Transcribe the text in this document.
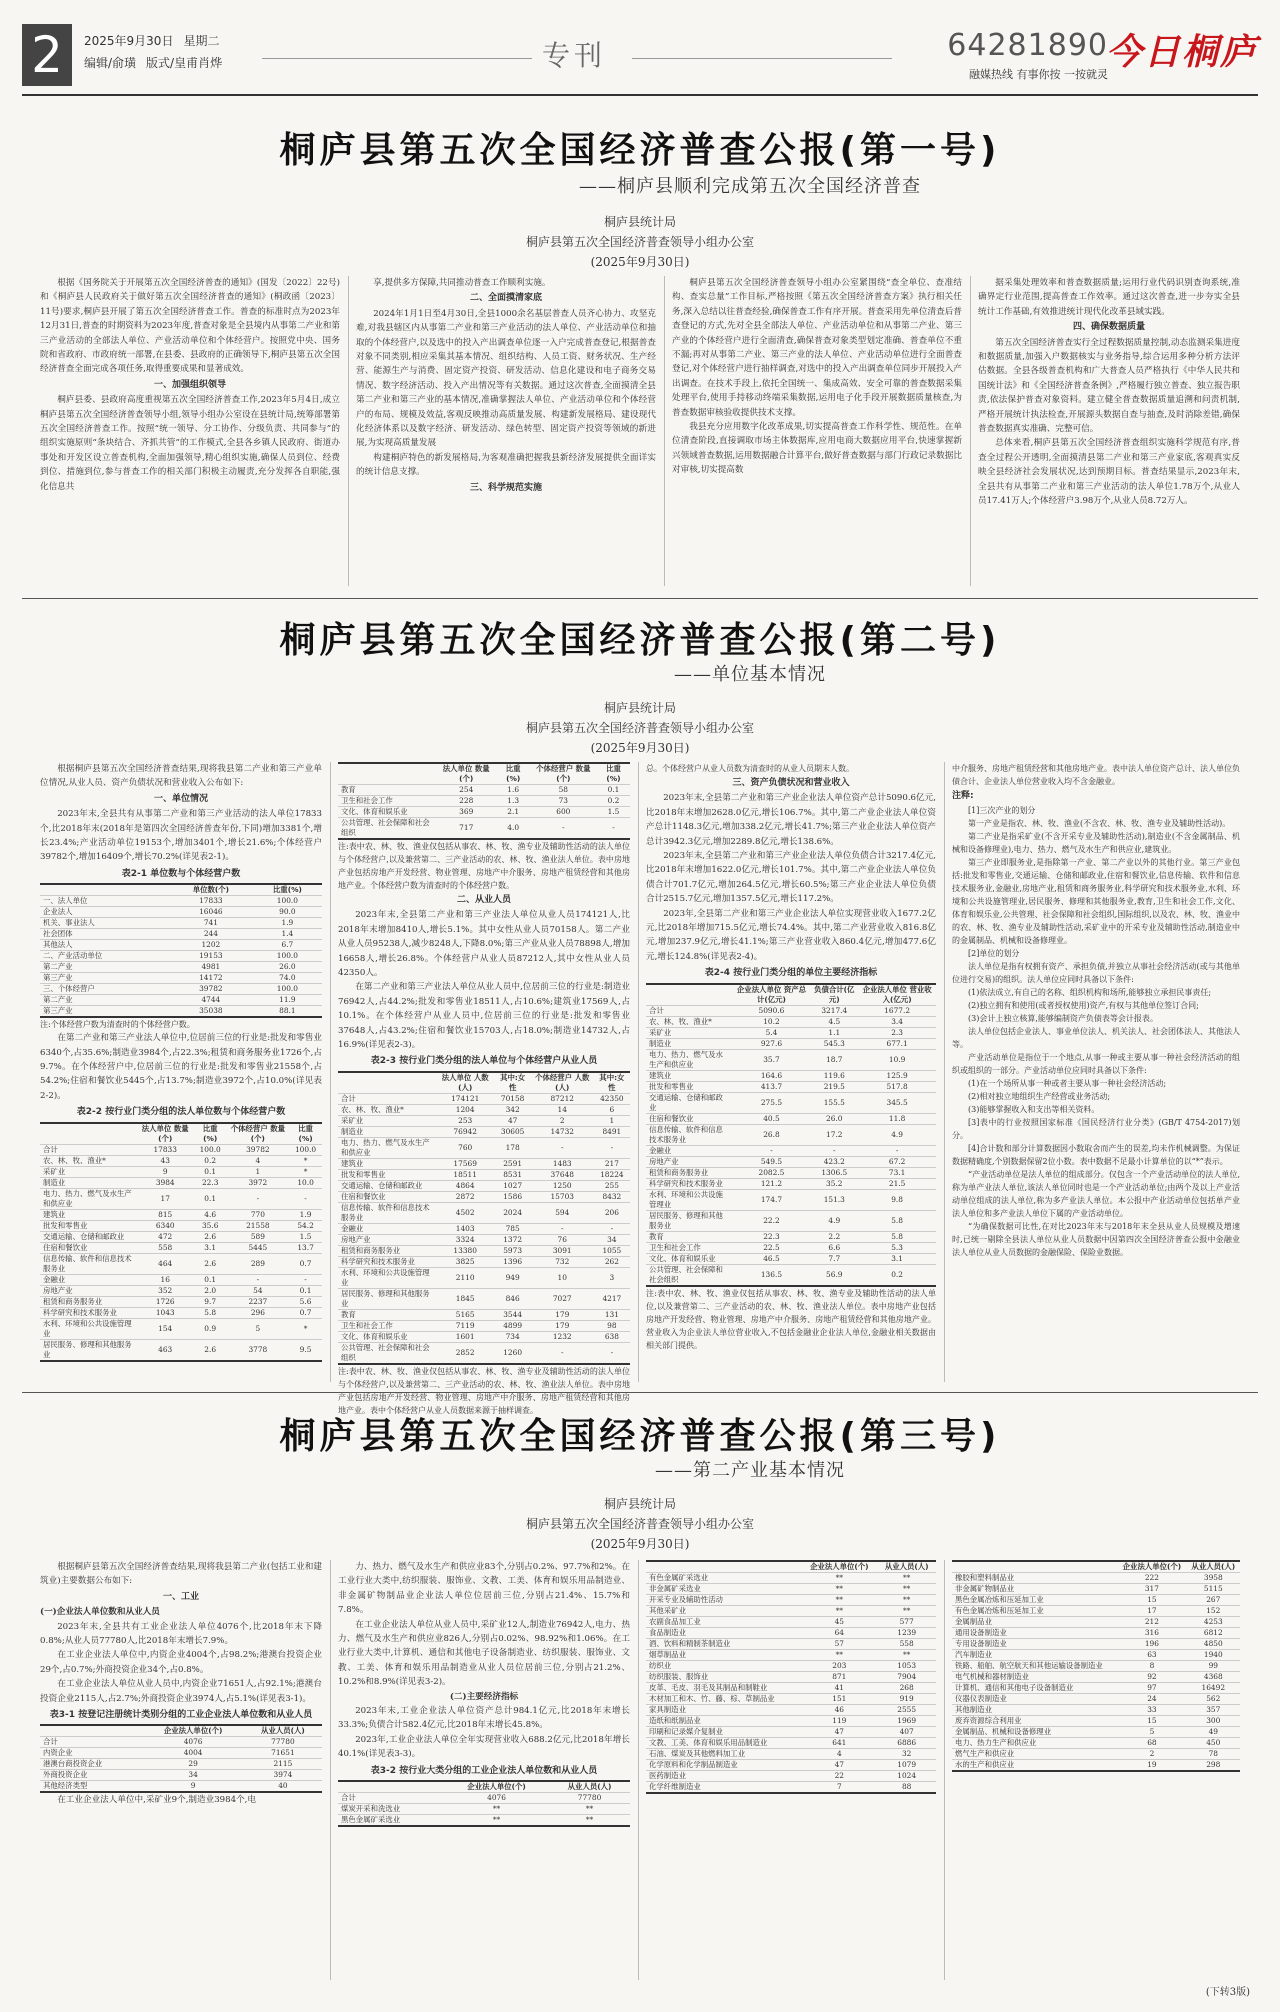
2	2025年9月30日 星期二
编辑/俞璜 版式/皇甫肖烨	专刊	64281890
融媒热线 有事你按 一按就灵
今日桐庐
桐庐县第五次全国经济普查公报(第一号)
——桐庐县顺利完成第五次全国经济普查
桐庐县统计局
桐庐县第五次全国经济普查领导小组办公室
(2025年9月30日)

根据《国务院关于开展第五次全国经济普查的通知》(国发〔2022〕22号)和《桐庐县人民政府关于做好第五次全国经济普查的通知》(桐政函〔2023〕11号)要求,桐庐县开展了第五次全国经济普查工作。普查的标准时点为2023年12月31日,普查的时期资料为2023年度,普查对象是全县境内从事第二产业和第三产业活动的全部法人单位、产业活动单位和个体经营户。按照党中央、国务院和省政府、市政府统一部署,在县委、县政府的正确领导下,桐庐县第五次全国经济普查全面完成各项任务,取得重要成果和显著成效。

一、加强组织领导

桐庐县委、县政府高度重视第五次全国经济普查工作,2023年5月4日,成立桐庐县第五次全国经济普查领导小组,领导小组办公室设在县统计局,统筹部署第五次全国经济普查工作。按照“统一领导、分工协作、分级负责、共同参与”的组织实施原则“条块结合、齐抓共管”的工作模式,全县各乡镇人民政府、街道办事处和开发区设立普查机构,全面加强领导,精心组织实施,确保人员到位、经费到位、措施到位,参与普查工作的相关部门积极主动履责,充分发挥各自职能,强化信息共

享,提供多方保障,共同推动普查工作顺利实施。

二、全面摸清家底

2024年1月1日至4月30日,全县1000余名基层普查人员齐心协力、攻坚克难,对我县辖区内从事第二产业和第三产业活动的法人单位、产业活动单位和抽取的个体经营户,以及选中的投入产出调查单位逐一入户完成普查登记,根据普查对象不同类别,相应采集其基本情况、组织结构、人员工资、财务状况、生产经营、能源生产与消费、固定资产投资、研发活动、信息化建设和电子商务交易情况、数字经济活动、投入产出情况等有关数据。通过这次普查,全面摸清全县第二产业和第三产业的基本情况,准确掌握法人单位、产业活动单位和个体经营户的布局、规模及效益,客观反映推动高质量发展、构建新发展格局、建设现代化经济体系以及数字经济、研发活动、绿色转型、固定资产投资等领域的新进展,为实现高质量发展

构建桐庐特色的新发展格局,为客观准确把握我县新经济发展提供全面详实的统计信息支撑。

三、科学规范实施

桐庐县第五次全国经济普查领导小组办公室紧围绕“查全单位、查准结构、查实总量”工作目标,严格按照《第五次全国经济普查方案》执行相关任务,深入总结以往普查经验,确保普查工作有序开展。普查采用先单位清查后普查登记的方式,先对全县全部法人单位、产业活动单位和从事第二产业、第三产业的个体经营户进行全面清查,确保普查对象类型划定准确、普查单位不重不漏;再对从事第二产业、第三产业的法人单位、产业活动单位进行全面普查登记,对个体经营户进行抽样调查,对选中的投入产出调查单位同步开展投入产出调查。在技术手段上,依托全国统一、集成高效、安全可靠的普查数据采集处理平台,使用手持移动终端采集数据,运用电子化手段开展数据质量核查,为普查数据审核验收提供技术支撑。

我县充分应用数字化改革成果,切实提高普查工作科学性、规范性。在单位清查阶段,直接调取市场主体数据库,应用电商大数据应用平台,快速掌握新兴领域普查数据,运用数据融合计算平台,做好普查数据与部门行政记录数据比对审核,切实提高数

据采集处理效率和普查数据质量;运用行业代码识别查询系统,准确界定行业范围,提高普查工作效率。通过这次普查,进一步夯实全县统计工作基础,有效推进统计现代化改革县域实践。

四、确保数据质量

第五次全国经济普查实行全过程数据质量控制,动态监测采集进度和数据质量,加强入户数据核实与业务指导,综合运用多种分析方法评估数据。全县各级普查机构和广大普查人员严格执行《中华人民共和国统计法》和《全国经济普查条例》,严格履行独立普查、独立报告职责,依法保护普查对象资料。建立健全普查数据质量追溯和问责机制,严格开展统计执法检查,开展源头数据自查与抽查,及时消除差错,确保普查数据真实准确、完整可信。

总体来看,桐庐县第五次全国经济普查组织实施科学规范有序,普查全过程公开透明,全面摸清县第二产业和第三产业家底,客观真实反映全县经济社会发展状况,达到预期目标。普查结果显示,2023年末,全县共有从事第二产业和第三产业活动的法人单位1.78万个,从业人员17.41万人;个体经营户3.98万个,从业人员8.72万人。

桐庐县第五次全国经济普查公报(第二号)
——单位基本情况
桐庐县统计局
桐庐县第五次全国经济普查领导小组办公室
(2025年9月30日)

根据桐庐县第五次全国经济普查结果,现将我县第二产业和第三产业单位情况,从业人员、资产负债状况和营业收入公布如下:

一、单位情况

2023年末,全县共有从事第二产业和第三产业活动的法人单位17833个,比2018年末(2018年是第四次全国经济普查年份,下同)增加3381个,增长23.4%;产业活动单位19153个,增加3401个,增长21.6%;个体经营户39782个,增加16409个,增长70.2%(详见表2-1)。

表2-1 单位数与个体经营户数
	单位数(个)	比重(%)
一、法人单位	17833	100.0
企业法人	16046	90.0
机关、事业法人	741	1.9
社会团体	244	1.4
其他法人	1202	6.7
二、产业活动单位	19153	100.0
第二产业	4981	26.0
第三产业	14172	74.0
三、个体经营户	39782	100.0
第二产业	4744	11.9
第三产业	35038	88.1
注:个体经营户数为清查时的个体经营户数。

在第二产业和第三产业法人单位中,位居前三位的行业是:批发和零售业6340个,占35.6%;制造业3984个,占22.3%;租赁和商务服务业1726个,占9.7%。在个体经营户中,位居前三位的行业是:批发和零售业21558个,占54.2%;住宿和餐饮业5445个,占13.7%;制造业3972个,占10.0%(详见表2-2)。

表2-2 按行业门类分组的法人单位数与个体经营户数
	法人单位 数量(个)	比重(%)	个体经营户 数量(个)	比重(%)
合计	17833	100.0	39782	100.0
农、林、牧、渔业*	43	0.2	4	*
采矿业	9	0.1	1	*
制造业	3984	22.3	3972	10.0
电力、热力、燃气及水生产和供应业	17	0.1	-	-
建筑业	815	4.6	770	1.9
批发和零售业	6340	35.6	21558	54.2
交通运输、仓储和邮政业	472	2.6	589	1.5
住宿和餐饮业	558	3.1	5445	13.7
信息传输、软件和信息技术服务业	464	2.6	289	0.7
金融业	16	0.1	-	-
房地产业	352	2.0	54	0.1
租赁和商务服务业	1726	9.7	2237	5.6
科学研究和技术服务业	1043	5.8	296	0.7
水利、环境和公共设施管理业	154	0.9	5	*
居民服务、修理和其他服务业	463	2.6	3778	9.5
	法人单位 数量(个)	比重(%)	个体经营户 数量(个)	比重(%)
教育	254	1.6	58	0.1
卫生和社会工作	228	1.3	73	0.2
文化、体育和娱乐业	369	2.1	600	1.5
公共管理、社会保障和社会组织	717	4.0	-	-
注:表中农、林、牧、渔业仅包括从事农、林、牧、渔专业及辅助性活动的法人单位与个体经营户,以及兼营第二、三产业活动的农、林、牧、渔业法人单位。表中房地产业包括房地产开发经营、物业管理、房地产中介服务、房地产租赁经营和其他房地产业。个体经营户数为清查时的个体经营户数。
二、从业人员

2023年末,全县第二产业和第三产业法人单位从业人员174121人,比2018年末增加8410人,增长5.1%。其中女性从业人员70158人。第二产业从业人员95238人,减少8248人,下降8.0%;第三产业从业人员78898人,增加16658人,增长26.8%。个体经营户从业人员87212人,其中女性从业人员42350人。

在第二产业和第三产业法人单位从业人员中,位居前三位的行业是:制造业76942人,占44.2%;批发和零售业18511人,占10.6%;建筑业17569人,占10.1%。在个体经营户从业人员中,位居前三位的行业是:批发和零售业37648人,占43.2%;住宿和餐饮业15703人,占18.0%;制造业14732人,占16.9%(详见表2-3)。

表2-3 按行业门类分组的法人单位与个体经营户从业人员
	法人单位 人数(人)	其中:女性	个体经营户 人数(人)	其中:女性
合计	174121	70158	87212	42350
农、林、牧、渔业*	1204	342	14	6
采矿业	253	47	2	1
制造业	76942	30605	14732	8491
电力、热力、燃气及水生产和供应业	760	178	-	-
建筑业	17569	2591	1483	217
批发和零售业	18511	8531	37648	18224
交通运输、仓储和邮政业	4864	1027	1250	255
住宿和餐饮业	2872	1586	15703	8432
信息传输、软件和信息技术服务业	4502	2024	594	206
金融业	1403	785	-	-
房地产业	3324	1372	76	34
租赁和商务服务业	13380	5973	3091	1055
科学研究和技术服务业	3825	1396	732	262
水利、环境和公共设施管理业	2110	949	10	3
居民服务、修理和其他服务业	1845	846	7027	4217
教育	5165	3544	179	131
卫生和社会工作	7119	4899	179	98
文化、体育和娱乐业	1601	734	1232	638
公共管理、社会保障和社会组织	2852	1260	-	-
注:表中农、林、牧、渔业仅包括从事农、林、牧、渔专业及辅助性活动的法人单位与个体经营户,以及兼营第二、三产业活动的农、林、牧、渔业法人单位。表中房地产业包括房地产开发经营、物业管理、房地产中介服务、房地产租赁经营和其他房地产业。表中个体经营户从业人员数据来源于抽样调查。
总。个体经营户从业人员数为清查时的从业人员期末人数。
三、资产负债状况和营业收入

2023年末,全县第二产业和第三产业企业法人单位资产总计5090.6亿元,比2018年末增加2628.0亿元,增长106.7%。其中,第二产业企业法人单位资产总计1148.3亿元,增加338.2亿元,增长41.7%;第三产业企业法人单位资产总计3942.3亿元,增加2289.8亿元,增长138.6%。

2023年末,全县第二产业和第三产业企业法人单位负债合计3217.4亿元,比2018年末增加1622.0亿元,增长101.7%。其中,第二产业企业法人单位负债合计701.7亿元,增加264.5亿元,增长60.5%;第三产业企业法人单位负债合计2515.7亿元,增加1357.5亿元,增长117.2%。

2023年,全县第二产业和第三产业企业法人单位实现营业收入1677.2亿元,比2018年增加715.5亿元,增长74.4%。其中,第二产业营业收入816.8亿元,增加237.9亿元,增长41.1%;第三产业营业收入860.4亿元,增加477.6亿元,增长124.8%(详见表2-4)。

表2-4 按行业门类分组的单位主要经济指标
	企业法人单位 资产总计(亿元)	负债合计(亿元)	企业法人单位 营业收入(亿元)
合计	5090.6	3217.4	1677.2
农、林、牧、渔业*	10.2	4.5	3.4
采矿业	5.4	1.1	2.3
制造业	927.6	545.3	677.1
电力、热力、燃气及水生产和供应业	35.7	18.7	10.9
建筑业	164.6	119.6	125.9
批发和零售业	413.7	219.5	517.8
交通运输、仓储和邮政业	275.5	155.5	345.5
住宿和餐饮业	40.5	26.0	11.8
信息传输、软件和信息技术服务业	26.8	17.2	4.9
金融业	-	-	-
房地产业	549.5	423.2	67.2
租赁和商务服务业	2082.5	1306.5	73.1
科学研究和技术服务业	121.2	35.2	21.5
水利、环境和公共设施管理业	174.7	151.3	9.8
居民服务、修理和其他服务业	22.2	4.9	5.8
教育	22.3	2.2	5.8
卫生和社会工作	22.5	6.6	5.3
文化、体育和娱乐业	46.5	7.7	3.1
公共管理、社会保障和社会组织	136.5	56.9	0.2
注:表中农、林、牧、渔业仅包括从事农、林、牧、渔专业及辅助性活动的法人单位,以及兼营第二、三产业活动的农、林、牧、渔业法人单位。表中房地产业包括房地产开发经营、物业管理、房地产中介服务、房地产租赁经营和其他房地产业。营业收入为企业法人单位营业收入,不包括金融业企业法人单位,金融业相关数据由相关部门提供。
中介服务、房地产租赁经营和其他房地产业。表中法人单位资产总计、法人单位负债合计、企业法人单位营业收入均不含金融业。
注释:
[1]三次产业的划分
第一产业是指农、林、牧、渔业(不含农、林、牧、渔专业及辅助性活动)。
第二产业是指采矿业(不含开采专业及辅助性活动),制造业(不含金属制品、机械和设备修理业),电力、热力、燃气及水生产和供应业,建筑业。
第三产业即服务业,是指除第一产业、第二产业以外的其他行业。第三产业包括:批发和零售业,交通运输、仓储和邮政业,住宿和餐饮业,信息传输、软件和信息技术服务业,金融业,房地产业,租赁和商务服务业,科学研究和技术服务业,水利、环境和公共设施管理业,居民服务、修理和其他服务业,教育,卫生和社会工作,文化、体育和娱乐业,公共管理、社会保障和社会组织,国际组织,以及农、林、牧、渔业中的农、林、牧、渔专业及辅助性活动,采矿业中的开采专业及辅助性活动,制造业中的金属制品、机械和设备修理业。
[2]单位的划分
法人单位是指有权拥有资产、承担负债,并独立从事社会经济活动(或与其他单位进行交易)的组织。法人单位应同时具备以下条件:
(1)依法成立,有自己的名称、组织机构和场所,能够独立承担民事责任;
(2)独立拥有和使用(或者授权使用)资产,有权与其他单位签订合同;
(3)会计上独立核算,能够编制资产负债表等会计报表。
法人单位包括企业法人、事业单位法人、机关法人、社会团体法人、其他法人等。
产业活动单位是指位于一个地点,从事一种或主要从事一种社会经济活动的组织或组织的一部分。产业活动单位应同时具备以下条件:
(1)在一个场所从事一种或者主要从事一种社会经济活动;
(2)相对独立地组织生产经营或业务活动;
(3)能够掌握收入和支出等相关资料。
[3]表中的行业按照国家标准《国民经济行业分类》(GB/T 4754-2017)划分。
[4]合计数和部分计算数据因小数取舍而产生的误差,均未作机械调整。为保证数据精确度,个别数据保留2位小数。表中数据不足最小计算单位的以“*”表示。
“产业活动单位是法人单位的组成部分。仅包含一个产业活动单位的法人单位,称为单产业法人单位,该法人单位同时也是一个产业活动单位;由两个及以上产业活动单位组成的法人单位,称为多产业法人单位。本公报中产业活动单位包括单产业法人单位和多产业法人单位下属的产业活动单位。
“为确保数据可比性,在对比2023年末与2018年末全县从业人员规模及增速时,已统一剔除全县法人单位从业人员数据中因第四次全国经济普查公报中金融业法人单位从业人员数据的金融保险、保险业数据。
桐庐县第五次全国经济普查公报(第三号)
——第二产业基本情况
桐庐县统计局
桐庐县第五次全国经济普查领导小组办公室
(2025年9月30日)

根据桐庐县第五次全国经济普查结果,现将我县第二产业(包括工业和建筑业)主要数据公布如下:

一、工业
(一)企业法人单位数和从业人员

2023年末,全县共有工业企业法人单位4076个,比2018年末下降0.8%;从业人员77780人,比2018年末增长7.9%。

在工业企业法人单位中,内资企业4004个,占98.2%;港澳台投资企业29个,占0.7%;外商投资企业34个,占0.8%。

在工业企业法人单位从业人员中,内资企业71651人,占92.1%;港澳台投资企业2115人,占2.7%;外商投资企业3974人,占5.1%(详见表3-1)。

表3-1 按登记注册统计类别分组的工业企业法人单位数和从业人员
	企业法人单位(个)	从业人员(人)
合计	4076	77780
内资企业	4004	71651
港澳台商投资企业	29	2115
外商投资企业	34	3974
其他经济类型	9	40

在工业企业法人单位中,采矿业9个,制造业3984个,电

力、热力、燃气及水生产和供应业83个,分别占0.2%、97.7%和2%。在工业行业大类中,纺织服装、服饰业、文教、工美、体育和娱乐用品制造业、非金属矿物制品业企业法人单位位居前三位,分别占21.4%、15.7%和7.8%。

在工业企业法人单位从业人员中,采矿业12人,制造业76942人,电力、热力、燃气及水生产和供应业826人,分别占0.02%、98.92%和1.06%。在工业行业大类中,计算机、通信和其他电子设备制造业、纺织服装、服饰业、文教、工美、体育和娱乐用品制造业从业人员位居前三位,分别占21.2%、10.2%和8.9%(详见表3-2)。

(二)主要经济指标

2023年末,工业企业法人单位资产总计984.1亿元,比2018年末增长33.3%;负债合计582.4亿元,比2018年末增长45.8%。

2023年,工业企业法人单位全年实现营业收入688.2亿元,比2018年增长40.1%(详见表3-3)。

表3-2 按行业大类分组的工业企业法人单位数和从业人员
	企业法人单位(个)	从业人员(人)
合计	4076	77780
煤炭开采和洗选业	**	**
黑色金属矿采选业	**	**
	企业法人单位(个)	从业人员(人)
有色金属矿采选业	**	**
非金属矿采选业	**	**
开采专业及辅助性活动	**	**
其他采矿业	**	**
农副食品加工业	45	577
食品制造业	64	1239
酒、饮料和精制茶制造业	57	558
烟草制品业	**	**
纺织业	203	1053
纺织服装、服饰业	871	7904
皮革、毛皮、羽毛及其制品和制鞋业	41	268
木材加工和木、竹、藤、棕、草制品业	151	919
家具制造业	46	2555
造纸和纸制品业	119	1969
印刷和记录媒介复制业	47	407
文教、工美、体育和娱乐用品制造业	641	6886
石油、煤炭及其他燃料加工业	4	32
化学原料和化学制品制造业	47	1079
医药制造业	22	1024
化学纤维制造业	7	88
	企业法人单位(个)	从业人员(人)
橡胶和塑料制品业	222	3958
非金属矿物制品业	317	5115
黑色金属冶炼和压延加工业	15	267
有色金属冶炼和压延加工业	17	152
金属制品业	212	4253
通用设备制造业	316	6812
专用设备制造业	196	4850
汽车制造业	63	1940
铁路、船舶、航空航天和其他运输设备制造业	8	99
电气机械和器材制造业	92	4368
计算机、通信和其他电子设备制造业	97	16492
仪器仪表制造业	24	562
其他制造业	33	357
废弃资源综合利用业	15	300
金属制品、机械和设备修理业	5	49
电力、热力生产和供应业	68	450
燃气生产和供应业	2	78
水的生产和供应业	19	298
(下转3版)
